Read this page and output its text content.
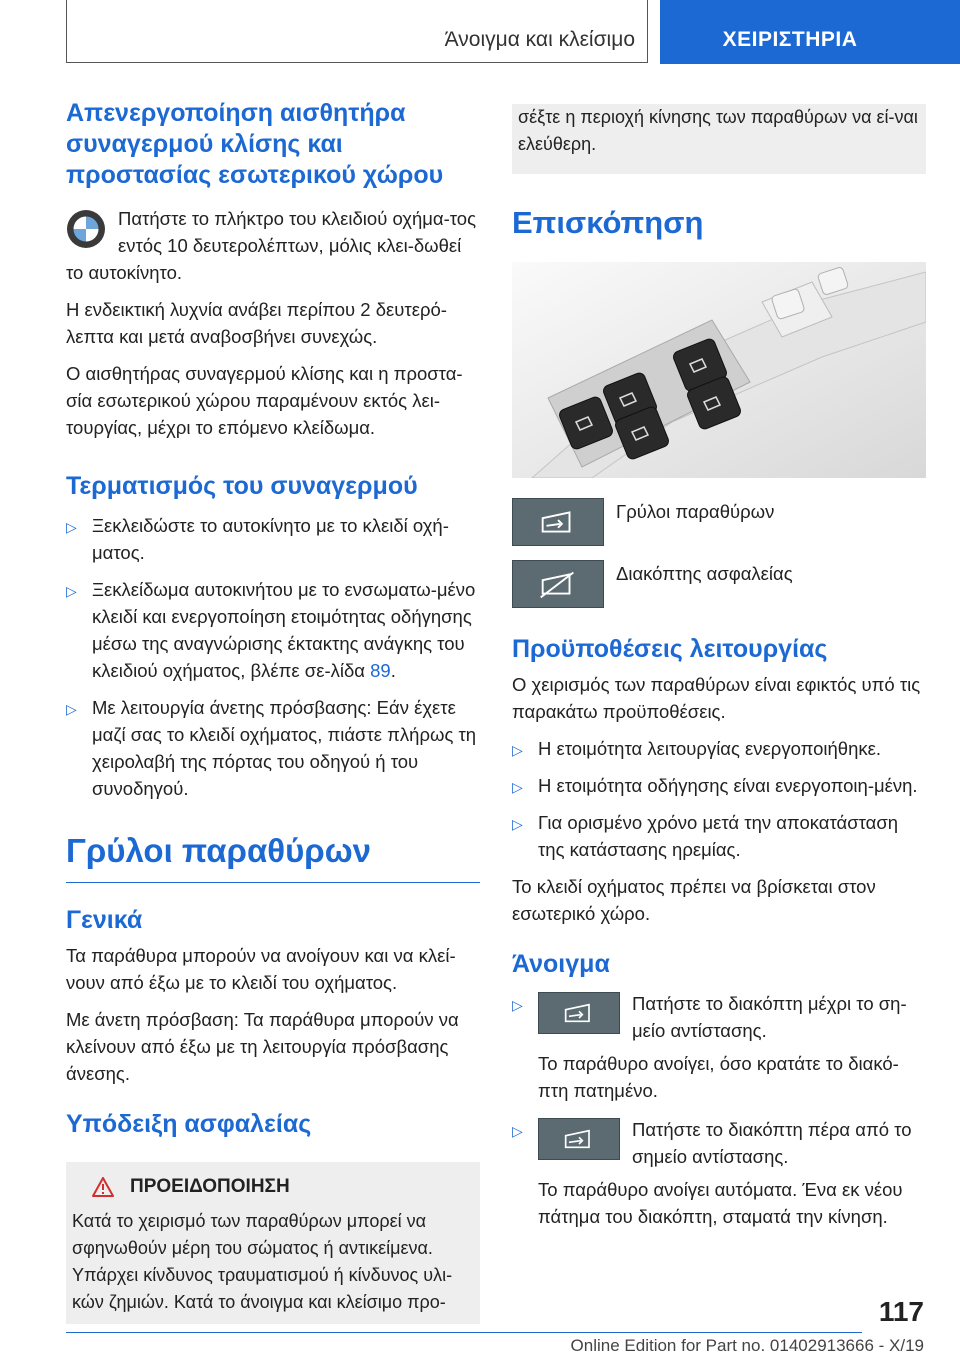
Άνοιγμα και κλείσιμο	ΧΕΙΡΙΣΤΗΡΙΑ
Απενεργοποίηση αισθητήρα συναγερμού κλίσης και προστασίας εσωτερικού χώρου

Πατήστε το πλήκτρο του κλειδιού οχήμα-τος εντός 10 δευτερολέπτων, μόλις κλει-δωθεί το αυτοκίνητο.

Η ενδεικτική λυχνία ανάβει περίπου 2 δευτερό-λεπτα και μετά αναβοσβήνει συνεχώς.

Ο αισθητήρας συναγερμού κλίσης και η προστα-σία εσωτερικού χώρου παραμένουν εκτός λει-τουργίας, μέχρι το επόμενο κλείδωμα.

Τερματισμός του συναγερμού
▷ Ξεκλειδώστε το αυτοκίνητο με το κλειδί οχή-ματος.
▷ Ξεκλείδωμα αυτοκινήτου με το ενσωματω-μένο κλειδί και ενεργοποίηση ετοιμότητας οδήγησης μέσω της αναγνώρισης έκτακτης ανάγκης του κλειδιού οχήματος, βλέπε σε-λίδα 89.
▷ Με λειτουργία άνετης πρόσβασης: Εάν έχετε μαζί σας το κλειδί οχήματος, πιάστε πλήρως τη χειρολαβή της πόρτας του οδηγού ή του συνοδηγού.
Γρύλοι παραθύρων
Γενικά

Τα παράθυρα μπορούν να ανοίγουν και να κλεί-νουν από έξω με το κλειδί του οχήματος.

Με άνετη πρόσβαση: Τα παράθυρα μπορούν να κλείνουν από έξω με τη λειτουργία πρόσβασης άνεσης.

Υπόδειξη ασφαλείας
ΠΡΟΕΙΔΟΠΟΙΗΣΗ

Κατά το χειρισμό των παραθύρων μπορεί να σφηνωθούν μέρη του σώματος ή αντικείμενα. Υπάρχει κίνδυνος τραυματισμού ή κίνδυνος υλι-κών ζημιών. Κατά το άνοιγμα και κλείσιμο προ-

σέξτε η περιοχή κίνησης των παραθύρων να εί-ναι ελεύθερη.

Επισκόπηση
Γρύλοι παραθύρων
Διακόπτης ασφαλείας
Προϋποθέσεις λειτουργίας

Ο χειρισμός των παραθύρων είναι εφικτός υπό τις παρακάτω προϋποθέσεις.

▷ Η ετοιμότητα λειτουργίας ενεργοποιήθηκε.
▷ Η ετοιμότητα οδήγησης είναι ενεργοποιη-μένη.
▷ Για ορισμένο χρόνο μετά την αποκατάσταση της κατάστασης ηρεμίας.

Το κλειδί οχήματος πρέπει να βρίσκεται στον εσωτερικό χώρο.

Άνοιγμα
▷	Πατήστε το διακόπτη μέχρι το ση-μείο αντίστασης.

Το παράθυρο ανοίγει, όσο κρατάτε το διακό-πτη πατημένο.

▷	Πατήστε το διακόπτη πέρα από το σημείο αντίστασης.

Το παράθυρο ανοίγει αυτόματα. Ένα εκ νέου πάτημα του διακόπτη, σταματά την κίνηση.

117
Online Edition for Part no. 01402913666 - X/19
